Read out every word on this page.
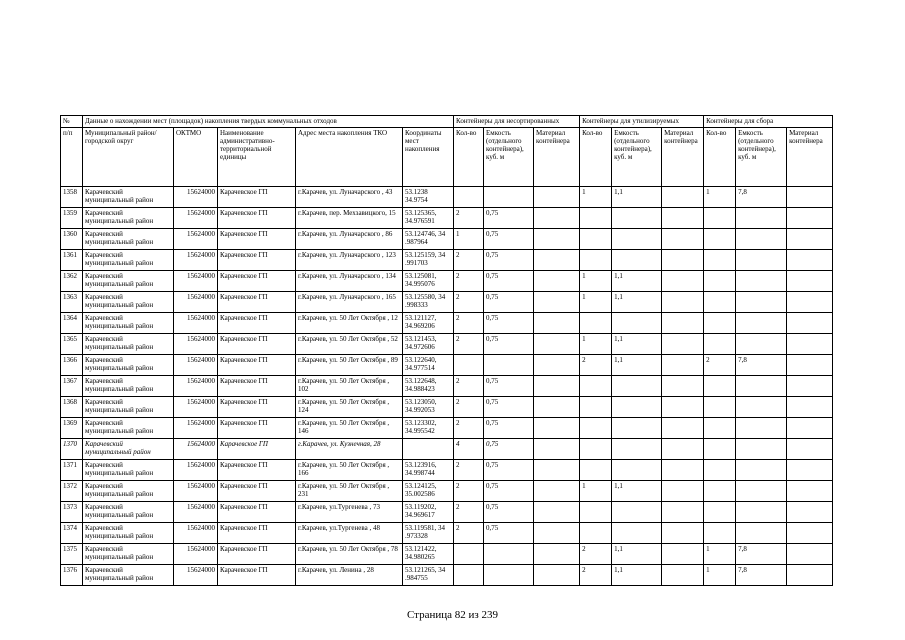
№	Данные о нахождении мест (площадок) накопления твердых коммунальных отходов					Контейнеры для несортированных			Контейнеры для утилизируемых			Контейнеры для сбора		
п/п	Муниципальный район/городской округ	ОКТМО	Наименование административно-территориальной единицы	Адрес места накопления ТКО	Координаты мест накопления	Кол-во	Емкость (отдельного контейнера), куб. м	Материал контейнера	Кол-во	Емкость (отдельного контейнера), куб. м	Материал контейнера	Кол-во	Емкость (отдельного контейнера), куб. м	Материал контейнера
1358	Карачевский муниципальный район	15624000	Карачевское ГП	г.Карачев, ул. Луначарского , 43	53.1238 34.9754				1	1,1		1	7,8	
1359	Карачевский муниципальный район	15624000	Карачевское ГП	г.Карачев, пер. Мехзавицкого, 15	53.125365, 34.976591	2	0,75							
1360	Карачевский муниципальный район	15624000	Карачевское ГП	г.Карачев, ул. Луначарского , 86	53.124746, 34 .987964	1	0,75							
1361	Карачевский муниципальный район	15624000	Карачевское ГП	г.Карачев, ул. Луначарского , 123	53.125159, 34 .991703	2	0,75							
1362	Карачевский муниципальный район	15624000	Карачевское ГП	г.Карачев, ул. Луначарского , 134	53.125081, 34.995076	2	0,75		1	1,1				
1363	Карачевский муниципальный район	15624000	Карачевское ГП	г.Карачев, ул. Луначарского , 165	53.125580, 34 .998333	2	0,75		1	1,1				
1364	Карачевский муниципальный район	15624000	Карачевское ГП	г.Карачев, ул. 50 Лет Октября , 12	53.121127, 34.969206	2	0,75							
1365	Карачевский муниципальный район	15624000	Карачевское ГП	г.Карачев, ул. 50 Лет Октября , 52	53.121453, 34.972606	2	0,75		1	1,1				
1366	Карачевский муниципальный район	15624000	Карачевское ГП	г.Карачев, ул. 50 Лет Октября , 89	53.122640, 34.977514				2	1,1		2	7,8	
1367	Карачевский муниципальный район	15624000	Карачевское ГП	г.Карачев, ул. 50 Лет Октября , 102	53.122648, 34.988423	2	0,75							
1368	Карачевский муниципальный район	15624000	Карачевское ГП	г.Карачев, ул. 50 Лет Октября , 124	53.123050, 34.992053	2	0,75							
1369	Карачевский муниципальный район	15624000	Карачевское ГП	г.Карачев, ул. 50 Лет Октября , 146	53.123302, 34.995542	2	0,75							
1370	Карачевский муниципальный район	15624000	Карачевское ГП	г.Карачев, ул. Кузнечная, 28		4	0,75							
1371	Карачевский муниципальный район	15624000	Карачевское ГП	г.Карачев, ул. 50 Лет Октября , 166	53.123916, 34.998744	2	0,75							
1372	Карачевский муниципальный район	15624000	Карачевское ГП	г.Карачев, ул. 50 Лет Октября , 231	53.124125, 35.002586	2	0,75		1	1,1				
1373	Карачевский муниципальный район	15624000	Карачевское ГП	г.Карачев, ул.Тургенева , 73	53.119202, 34.969617	2	0,75							
1374	Карачевский муниципальный район	15624000	Карачевское ГП	г.Карачев, ул.Тургенева , 48	53.119581, 34 .973328	2	0,75							
1375	Карачевский муниципальный район	15624000	Карачевское ГП	г.Карачев, ул. 50 Лет Октября , 78	53.121422, 34.980265				2	1,1		1	7,8	
1376	Карачевский муниципальный район	15624000	Карачевское ГП	г.Карачев, ул. Ленина , 28	53.121265, 34 .984755				2	1,1		1	7,8	
Страница 82 из 239
